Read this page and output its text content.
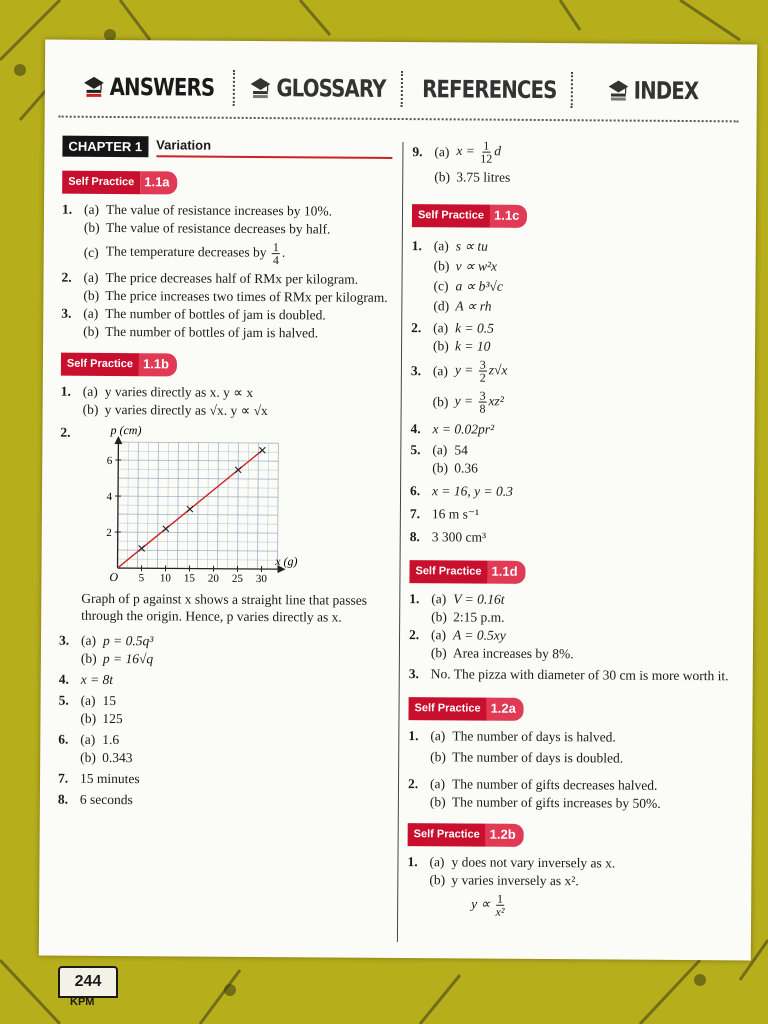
ANSWERS	GLOSSARY REFERENCES	INDEX
CHAPTER 1	Variation
Self Practice 1.1a
1. (a) The value of resistance increases by 10%.
(b) The value of resistance decreases by half.
(c) The temperature decreases by $\frac{1}{4}$ .
2. (a) The price decreases half of RMx per kilogram.
(b) The price increases two times of RMx per kilogram.
3. (a) The number of bottles of jam is doubled.
(b) The number of bottles of jam is halved.
Self Practice 1.1b
1. (a) y varies directly as x. y ∝ x
(b) y varies directly as √x. y ∝ √x
2.	p (cm)
x (g)
O 5 10 15 20 25 30
2
4
6
Graph of p against x shows a straight line that passes through the origin. Hence, p varies directly as x.
3. (a) p = 0.5q³
(b) p = 16√q
4. x = 8t
5. (a) 15
(b) 125
6. (a) 1.6
(b) 0.343
7. 15 minutes
8. 6 seconds
9. (a) $x = \frac{1}{12}$ d
(b) 3.75 litres
Self Practice 1.1c
1. (a) s ∝ tu
(b) v ∝ w²x
(c) a ∝ b³√c
(d) A ∝ rh
2. (a) k = 0.5
(b) k = 10
3. (a) $y = \frac{3}{2} z√x$
(b) $y = \frac{3}{8} xz^2$
4. x = 0.02pr²
5. (a) 54
(b) 0.36
6. x = 16, y = 0.3
7. 16 m s⁻¹
8. 3 300 cm³
Self Practice 1.1d
1. (a) V = 0.16t
(b) 2:15 p.m.
2. (a) A = 0.5xy
(b) Area increases by 8%.
3. No. The pizza with diameter of 30 cm is more worth it.
Self Practice 1.2a
1. (a) The number of days is halved.
(b) The number of days is doubled.
2. (a) The number of gifts decreases halved.
(b) The number of gifts increases by 50%.
Self Practice 1.2b
1. (a) y does not vary inversely as x.
(b) y varies inversely as x².
$y \propto \frac{1}{\text{x²}}$
244
KPM
